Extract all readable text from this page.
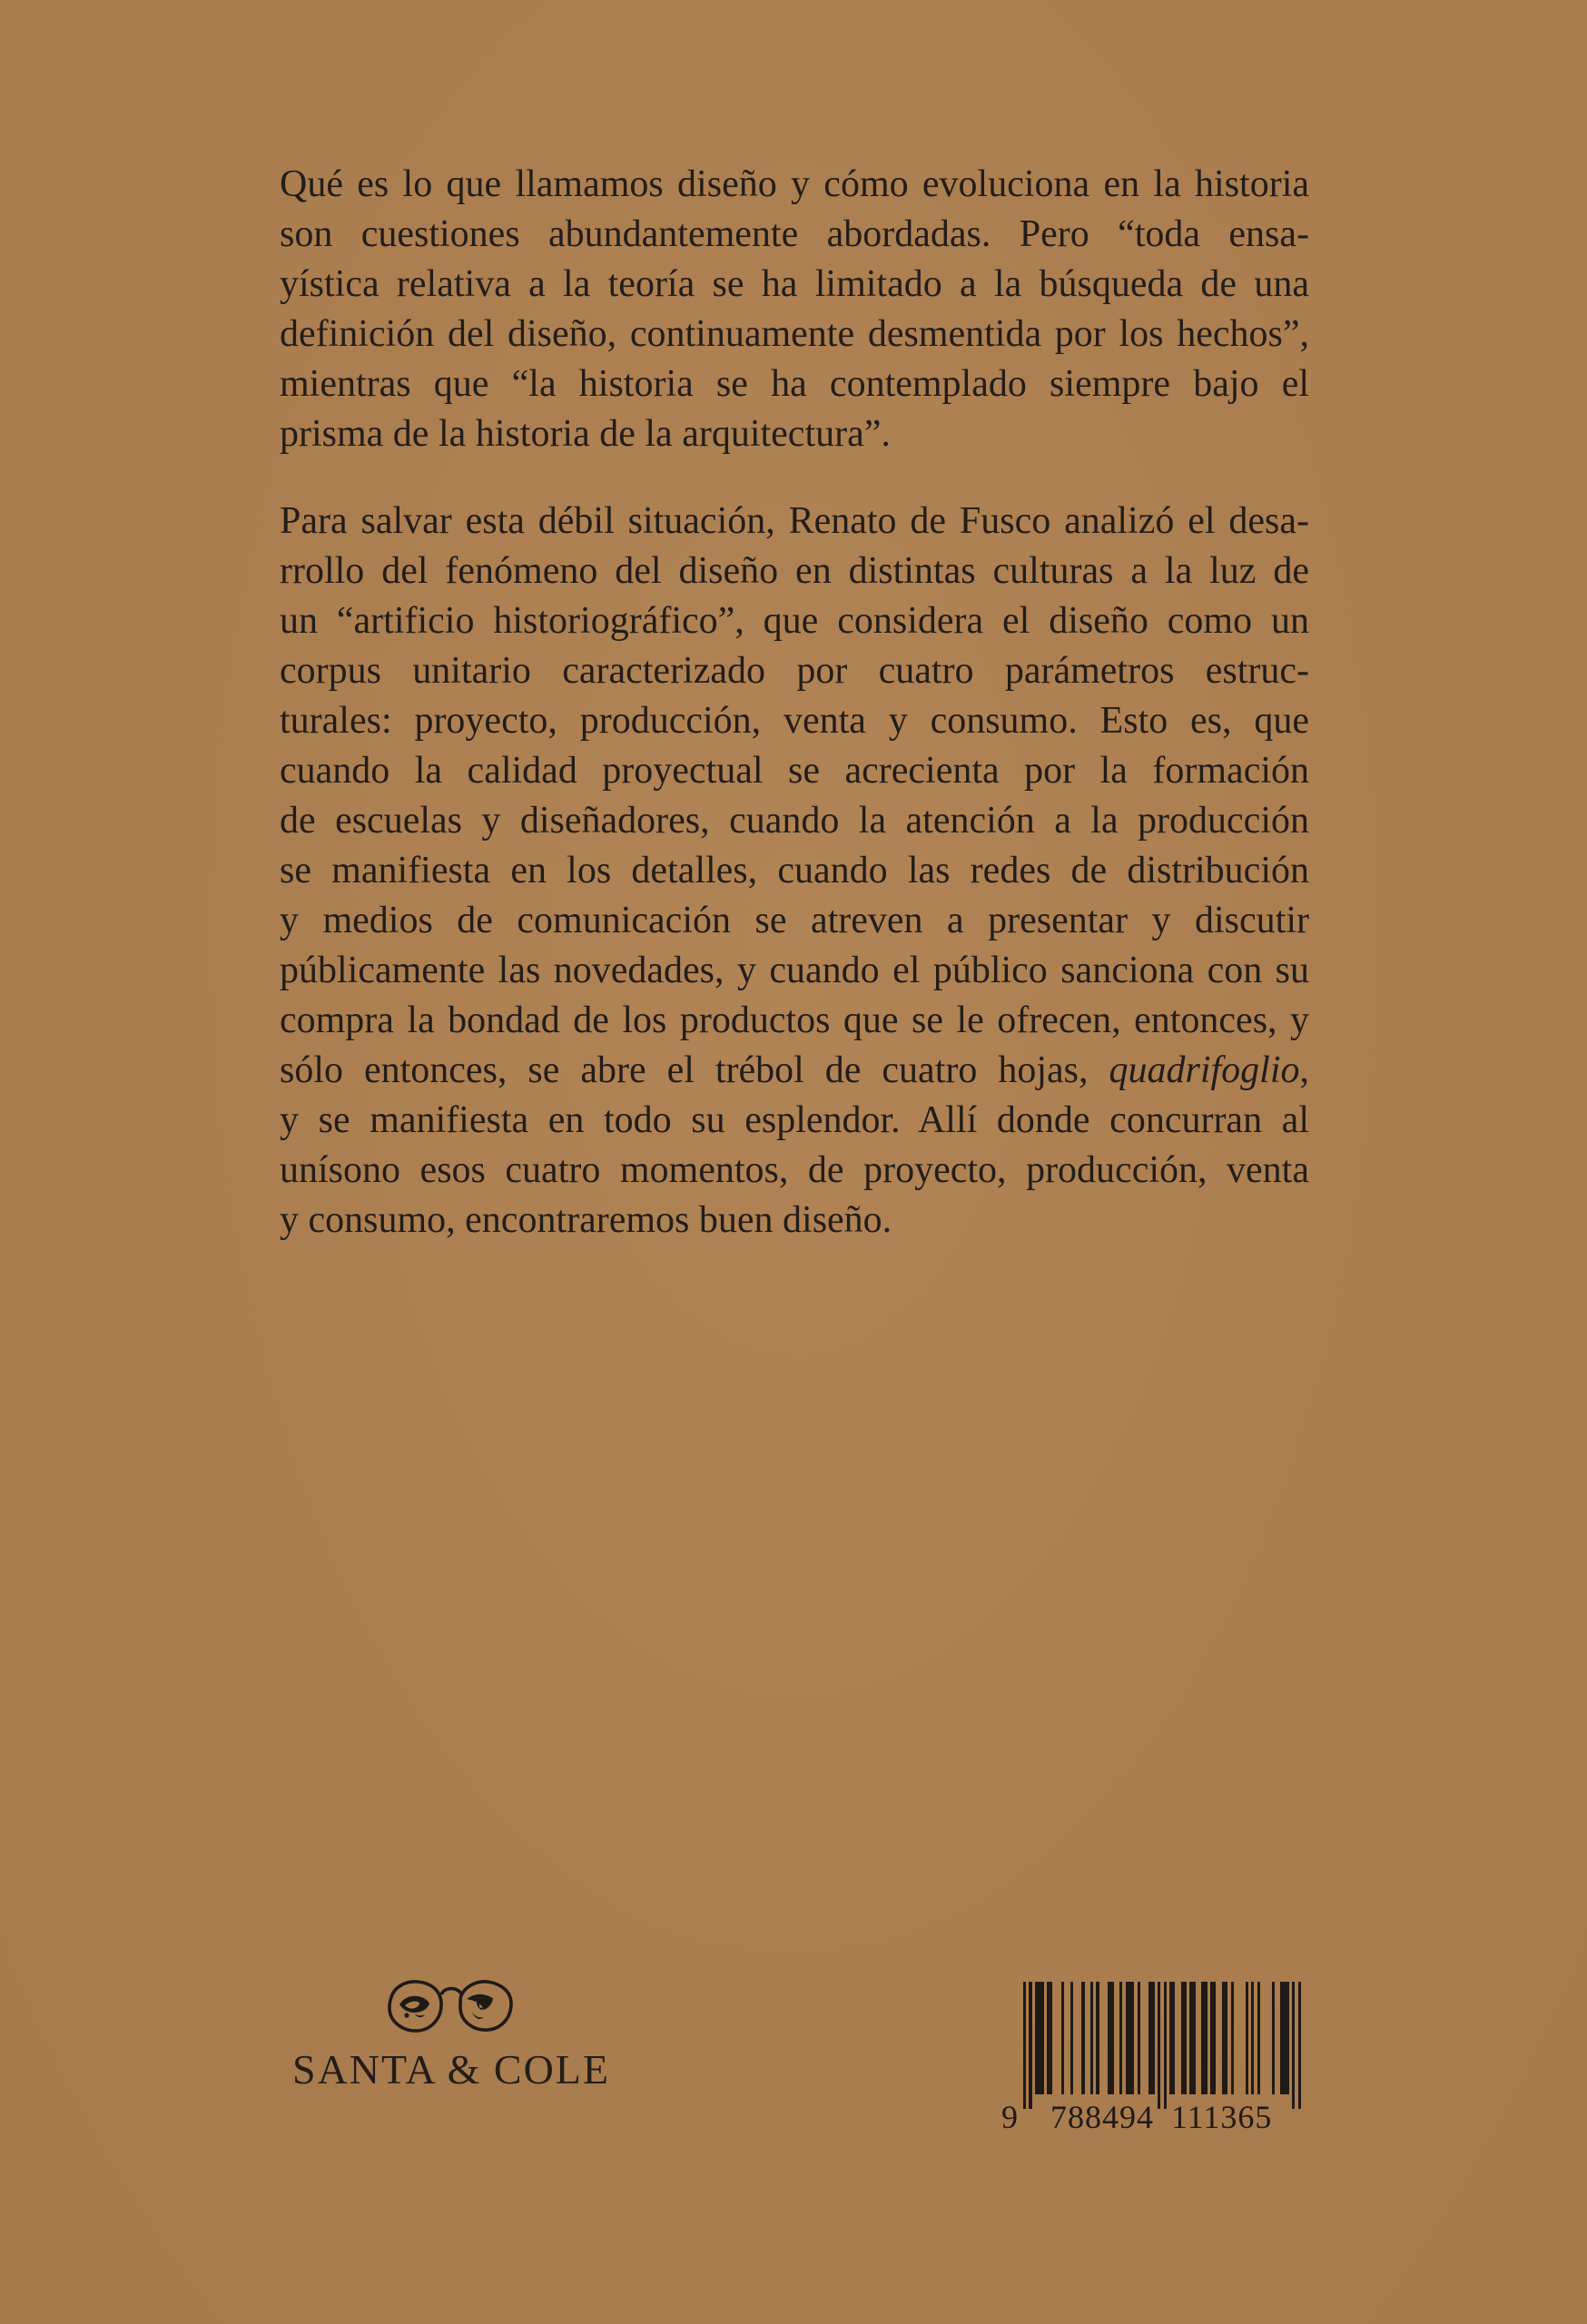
Qué es lo que llamamos diseño y cómo evoluciona en la historia
son cuestiones abundantemente abordadas. Pero “toda ensa-
yística relativa a la teoría se ha limitado a la búsqueda de una
definición del diseño, continuamente desmentida por los hechos”,
mientras que “la historia se ha contemplado siempre bajo el
prisma de la historia de la arquitectura”.
Para salvar esta débil situación, Renato de Fusco analizó el desa-
rrollo del fenómeno del diseño en distintas culturas a la luz de
un “artificio historiográfico”, que considera el diseño como un
corpus unitario caracterizado por cuatro parámetros estruc-
turales: proyecto, producción, venta y consumo. Esto es, que
cuando la calidad proyectual se acrecienta por la formación
de escuelas y diseñadores, cuando la atención a la producción
se manifiesta en los detalles, cuando las redes de distribución
y medios de comunicación se atreven a presentar y discutir
públicamente las novedades, y cuando el público sanciona con su
compra la bondad de los productos que se le ofrecen, entonces, y
sólo entonces, se abre el trébol de cuatro hojas, quadrifoglio,
y se manifiesta en todo su esplendor. Allí donde concurran al
unísono esos cuatro momentos, de proyecto, producción, venta
y consumo, encontraremos buen diseño.
SANTA & COLE
9 788494 111365
